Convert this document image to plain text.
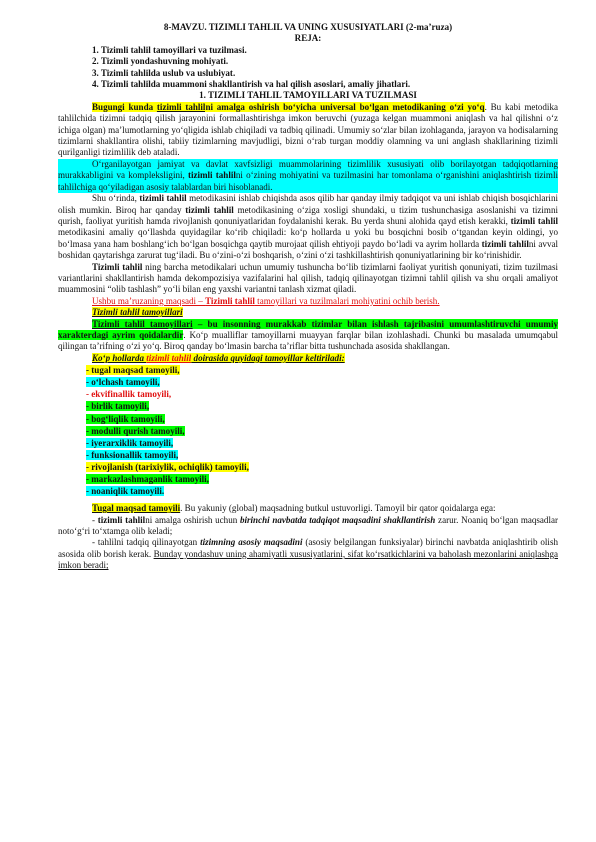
8-MAVZU. TIZIMLI TAHLIL VA UNING XUSUSIYATLARI (2-ma’ruza)
REJA:
1. Tizimli tahlil tamoyillari va tuzilmasi.
2. Tizimli yondashuvning mohiyati.
3. Tizimli tahlilda uslub va uslubiyat.
4. Tizimli tahlilda muammoni shakllantirish va hal qilish asoslari, amaliy jihatlari.
1. TIZIMLI TAHLIL TAMOYILLARI VA TUZILMASI

Bugungi kunda tizimli tahlilni amalga oshirish bo‘yicha universal bo‘lgan metodikaning o‘zi yo‘q. Bu kabi metodika tahlilchida tizimni tadqiq qilish jarayonini formallashtirishga imkon beruvchi (yuzaga kelgan muammoni aniqlash va hal qilishni o‘z ichiga olgan) ma’lumotlarning yo‘qligida ishlab chiqiladi va tadbiq qilinadi. Umumiy so‘zlar bilan izohlaganda, jarayon va hodisalarning tizimlarni shakllantira olishi, tabiiy tizimlarning mavjudligi, bizni o‘rab turgan moddiy olamning va uni anglash shakllarining tizimli qurilganligi tizimlilik deb ataladi.

O‘rganilayotgan jamiyat va davlat xavfsizligi muammolarining tizimlilik xususiyati olib borilayotgan tadqiqotlarning murakkabligini va kompleksligini, tizimli tahlilni o‘zining mohiyatini va tuzilmasini har tomonlama o‘rganishini aniqlashtirish tizimli tahlilchiga qo‘yiladigan asosiy talablardan biri hisoblanadi.

Shu o‘rinda, tizimli tahlil metodikasini ishlab chiqishda asos qilib har qanday ilmiy tadqiqot va uni ishlab chiqish bosqichlarini olish mumkin. Biroq har qanday tizimli tahlil metodikasining o‘ziga xosligi shundaki, u tizim tushunchasiga asoslanishi va tizimni qurish, faoliyat yuritish hamda rivojlanish qonuniyatlaridan foydalanishi kerak. Bu yerda shuni alohida qayd etish kerakki, tizimli tahlil metodikasini amaliy qo‘llashda quyidagilar ko‘rib chiqiladi: ko‘p hollarda u yoki bu bosqichni bosib o‘tgandan keyin oldingi, yo bo‘lmasa yana ham boshlang‘ich bo‘lgan bosqichga qaytib murojaat qilish ehtiyoji paydo bo‘ladi va ayrim hollarda tizimli tahlilni avval boshidan qaytarishga zarurat tug‘iladi. Bu o‘zini-o‘zi boshqarish, o‘zini o‘zi tashkillashtirish qonuniyatlarining bir ko‘rinishidir.

Tizimli tahlil ning barcha metodikalari uchun umumiy tushuncha bo‘lib tizimlarni faoliyat yuritish qonuniyati, tizim tuzilmasi variantlarini shakllantirish hamda dekompozisiya vazifalarini hal qilish, tadqiq qilinayotgan tizimni tahlil qilish va shu orqali amaliyot muammosini “olib tashlash” yo‘li bilan eng yaxshi variantni tanlash xizmat qiladi.

Ushbu ma’ruzaning maqsadi – Tizimli tahlil tamoyillari va tuzilmalari mohiyatini ochib berish.

Tizimli tahlil tamoyillari

Tizimli tahlil tamoyillari – bu insonning murakkab tizimlar bilan ishlash tajribasini umumlashtiruvchi umumiy xarakterdagi ayrim qoidalardir. Ko‘p mualliflar tamoyillarni muayyan farqlar bilan izohlashadi. Chunki bu masalada umumqabul qilingan ta’rifning o‘zi yo‘q. Biroq qanday bo‘lmasin barcha ta’riflar bitta tushunchada asosida shakllangan.

Ko‘p hollarda tizimli tahlil doirasida quyidagi tamoyillar keltiriladi:

- tugal maqsad tamoyili,
- o‘lchash tamoyili,
- ekvifinallik tamoyili,
- birlik tamoyili,
- bog‘liqlik tamoyili,
- modulli qurish tamoyili,
- iyerarxiklik tamoyili,
- funksionallik tamoyili,
- rivojlanish (tarixiylik, ochiqlik) tamoyili,
- markazlashmaganlik tamoyili,
- noaniqlik tamoyili.

Tugal maqsad tamoyili. Bu yakuniy (global) maqsadning butkul ustuvorligi. Tamoyil bir qator qoidalarga ega:

- tizimli tahlilni amalga oshirish uchun birinchi navbatda tadqiqot maqsadini shakllantirish zarur. Noaniq bo‘lgan maqsadlar noto‘g‘ri to‘xtamga olib keladi;

- tahlilni tadqiq qilinayotgan tizimning asosiy maqsadini (asosiy belgilangan funksiyalar) birinchi navbatda aniqlashtirib olish asosida olib borish kerak. Bunday yondashuv uning ahamiyatli xususiyatlarini, sifat ko‘rsatkichlarini va baholash mezonlarini aniqlashga imkon beradi;
